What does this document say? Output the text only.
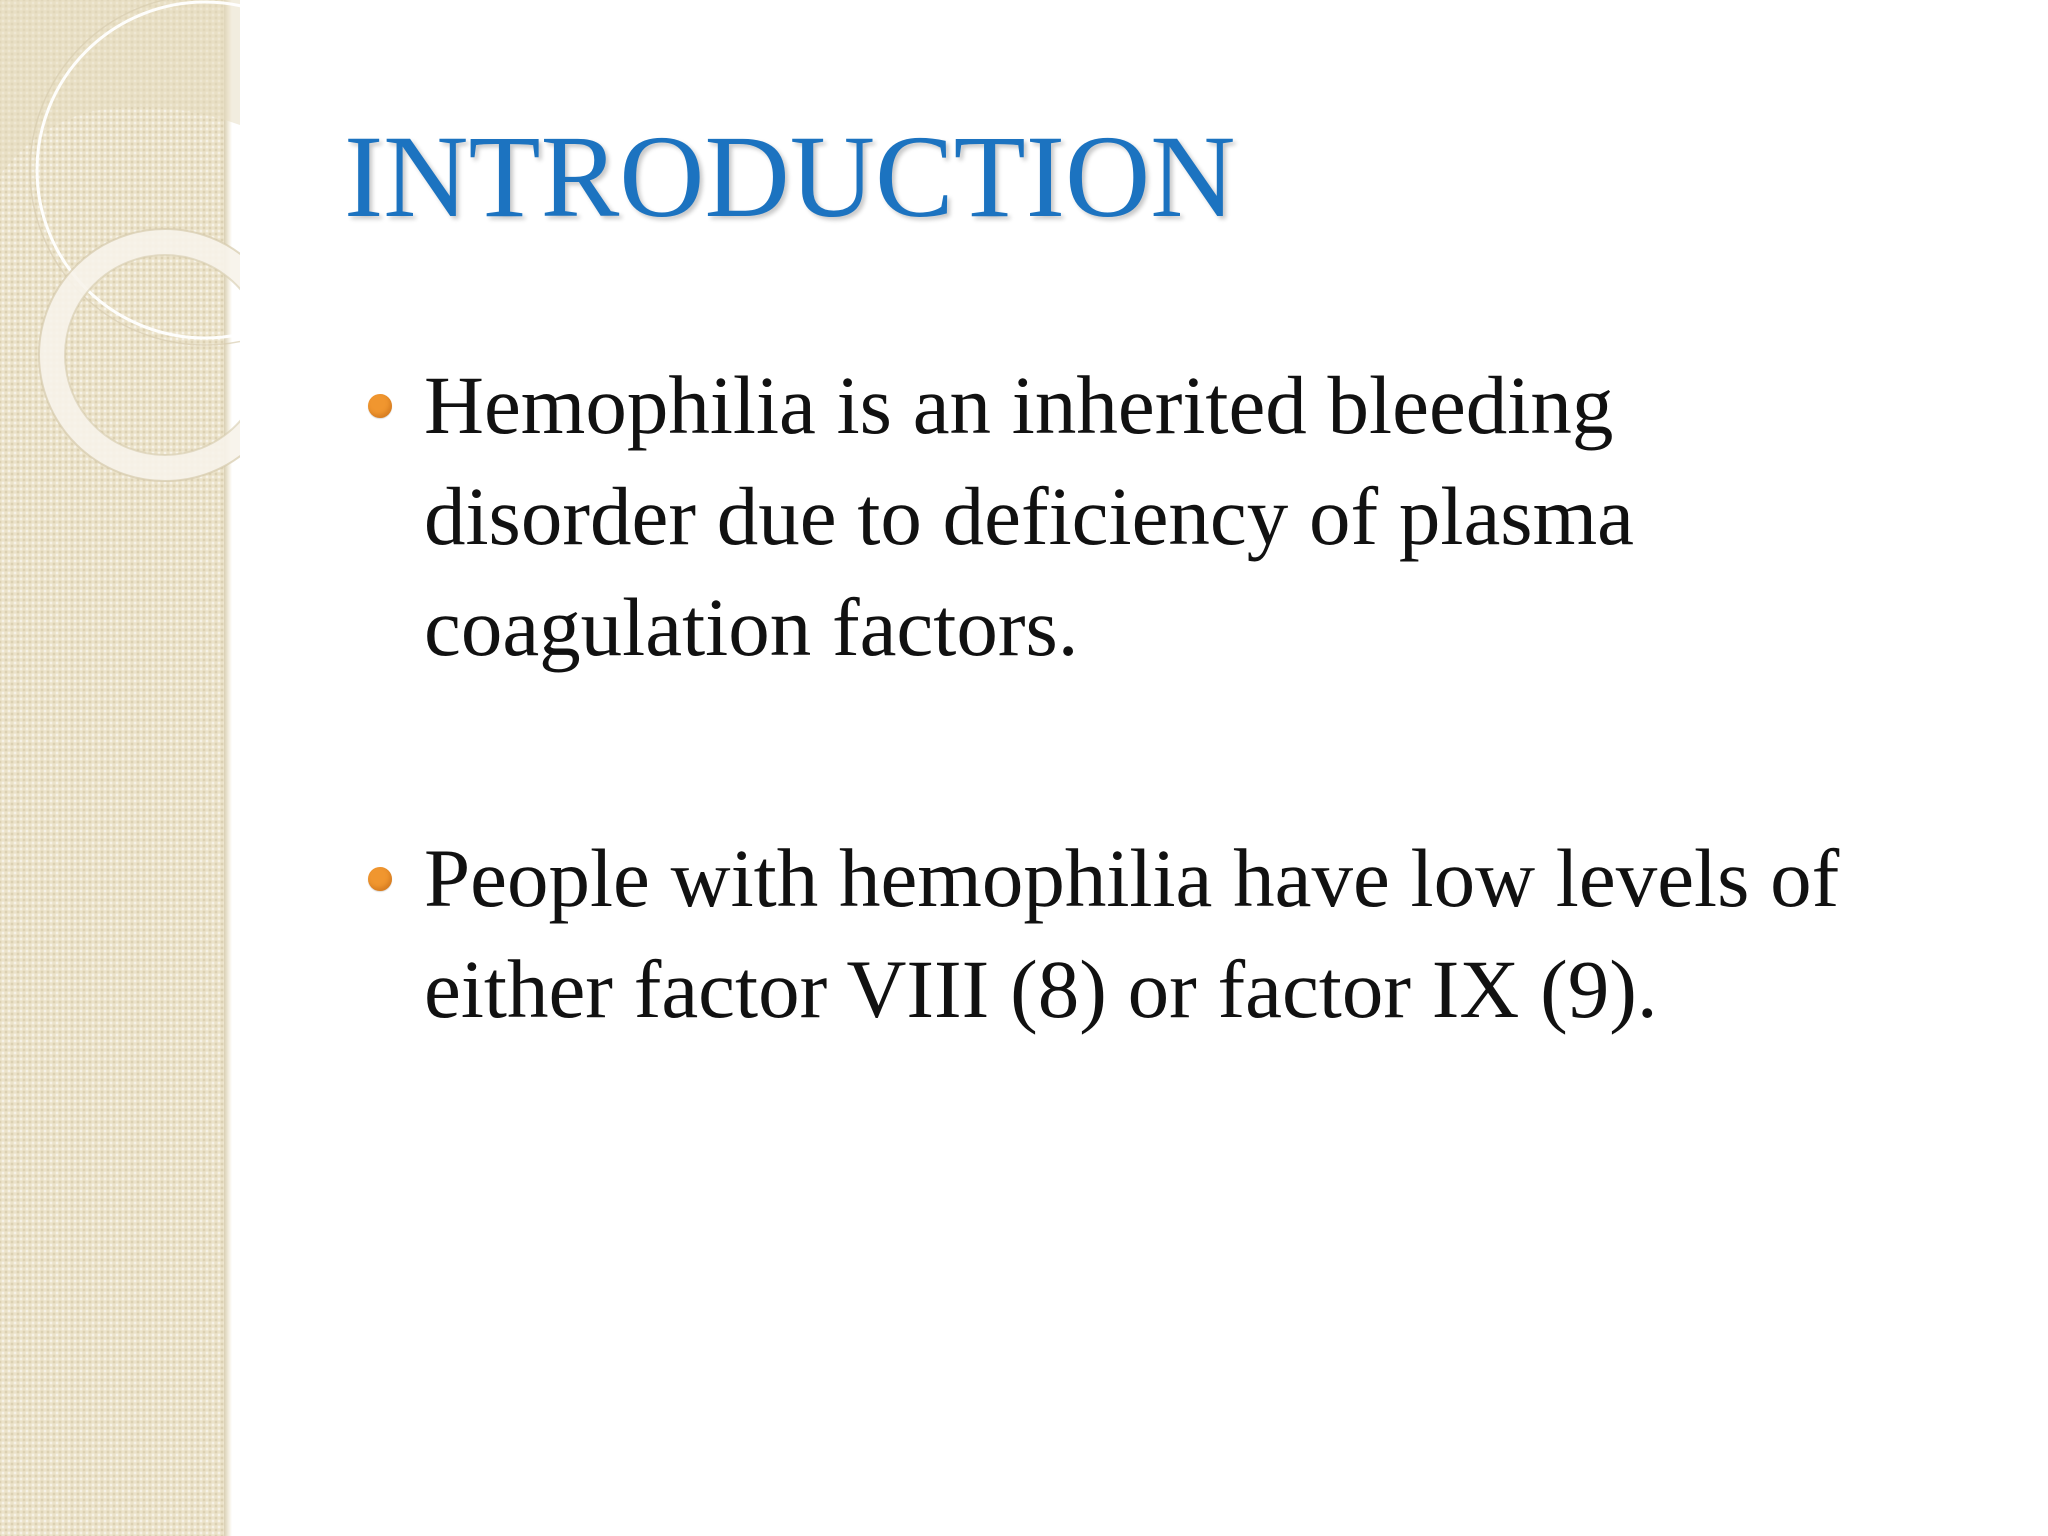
INTRODUCTION
Hemophilia is an inherited bleeding
disorder due to deficiency of plasma
coagulation factors.
People with hemophilia have low levels of
either factor VIII (8) or factor IX (9).
